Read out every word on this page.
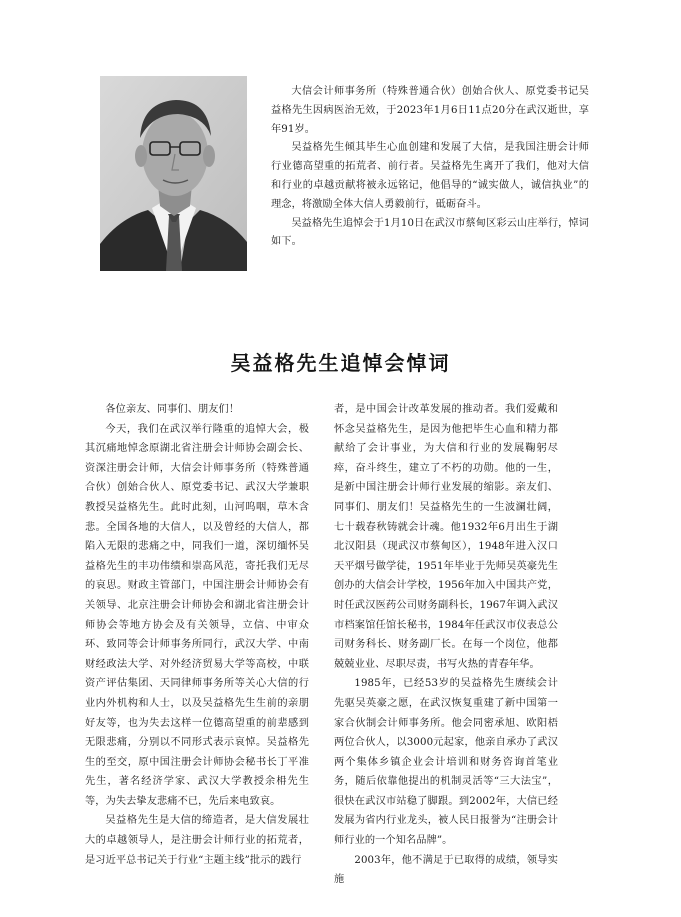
大信会计师事务所（特殊普通合伙）创始合伙人、原党委书记吴益格先生因病医治无效，于2023年1月6日11点20分在武汉逝世，享年91岁。

吴益格先生倾其毕生心血创建和发展了大信，是我国注册会计师行业德高望重的拓荒者、前行者。吴益格先生离开了我们，他对大信和行业的卓越贡献将被永远铭记，他倡导的“诚实做人，诚信执业”的理念，将激励全体大信人勇毅前行，砥砺奋斗。

吴益格先生追悼会于1月10日在武汉市蔡甸区彩云山庄举行，悼词如下。

吴益格先生追悼会悼词

各位亲友、同事们、朋友们！

今天，我们在武汉举行隆重的追悼大会，极其沉痛地悼念原湖北省注册会计师协会副会长、资深注册会计师，大信会计师事务所（特殊普通合伙）创始合伙人、原党委书记、武汉大学兼职教授吴益格先生。此时此刻，山河呜咽，草木含悲。全国各地的大信人，以及曾经的大信人，都陷入无限的悲痛之中，同我们一道，深切缅怀吴益格先生的丰功伟绩和崇高风范，寄托我们无尽的哀思。财政主管部门，中国注册会计师协会有关领导、北京注册会计师协会和湖北省注册会计师协会等地方协会及有关领导，立信、中审众环、致同等会计师事务所同行，武汉大学、中南财经政法大学、对外经济贸易大学等高校，中联资产评估集团、天同律师事务所等关心大信的行业内外机构和人士，以及吴益格先生生前的亲朋好友等，也为失去这样一位德高望重的前辈感到无限悲痛，分别以不同形式表示哀悼。吴益格先生的至交，原中国注册会计师协会秘书长丁平准先生，著名经济学家、武汉大学教授余枏先生等，为失去挚友悲痛不已，先后来电致哀。

吴益格先生是大信的缔造者，是大信发展壮大的卓越领导人，是注册会计师行业的拓荒者，是习近平总书记关于行业“主题主线”批示的践行

者，是中国会计改革发展的推动者。我们爱戴和怀念吴益格先生，是因为他把毕生心血和精力都献给了会计事业，为大信和行业的发展鞠躬尽瘁，奋斗终生，建立了不朽的功勋。他的一生，是新中国注册会计师行业发展的缩影。亲友们、同事们、朋友们！吴益格先生的一生波澜壮阔，七十载春秋铸就会计魂。他1932年6月出生于湖北汉阳县（现武汉市蔡甸区），1948年进入汉口天平烟号做学徒，1951年毕业于先师吴英豪先生创办的大信会计学校，1956年加入中国共产党，时任武汉医药公司财务副科长，1967年调入武汉市档案馆任馆长秘书，1984年任武汉市仪表总公司财务科长、财务副厂长。在每一个岗位，他都兢兢业业、尽职尽责，书写火热的青春年华。

1985年，已经53岁的吴益格先生赓续会计先驱吴英豪之愿，在武汉恢复重建了新中国第一家合伙制会计师事务所。他会同密承旭、欧阳梧两位合伙人，以3000元起家，他亲自承办了武汉两个集体乡镇企业会计培训和财务咨询首笔业务，随后依靠他提出的机制灵活等“三大法宝”，很快在武汉市站稳了脚跟。到2002年，大信已经发展为省内行业龙头，被人民日报誉为“注册会计师行业的一个知名品牌”。

2003年，他不满足于已取得的成绩，领导实施
